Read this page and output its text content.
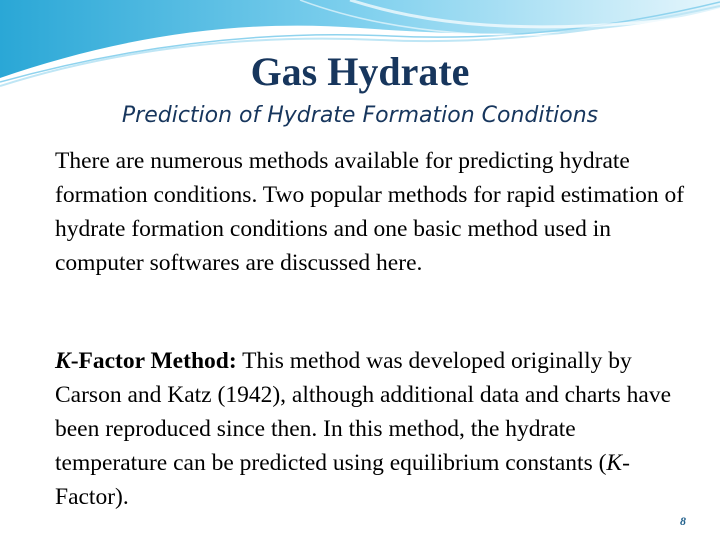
Gas Hydrate
Prediction of Hydrate Formation Conditions
There are numerous methods available for predicting hydrate formation conditions. Two popular methods for rapid estimation of hydrate formation conditions and one basic method used in computer softwares are discussed here.
K-Factor Method: This method was developed originally by Carson and Katz (1942), although additional data and charts have been reproduced since then. In this method, the hydrate temperature can be predicted using equilibrium constants (K-Factor).
8
